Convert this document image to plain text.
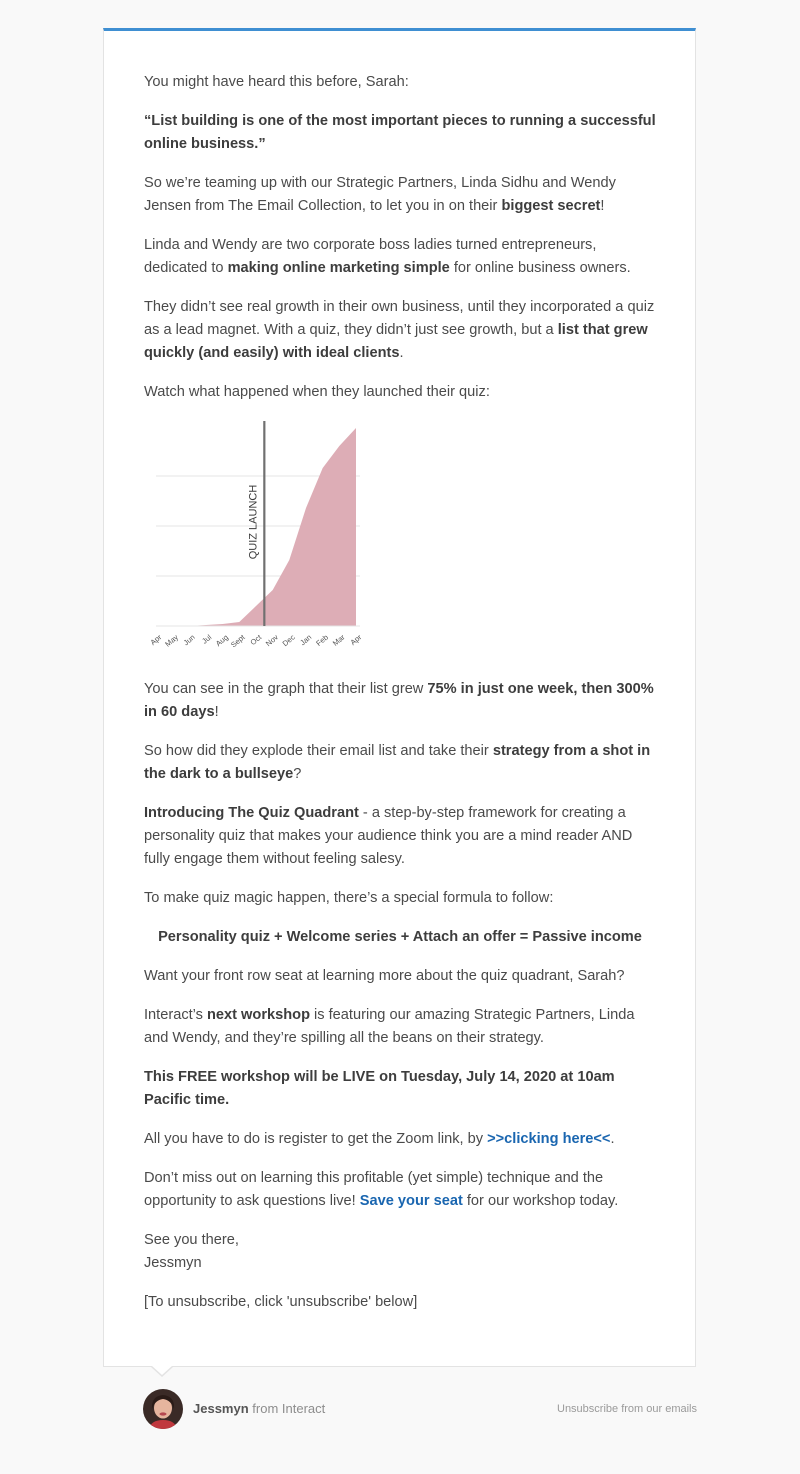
You might have heard this before, Sarah:

“List building is one of the most important pieces to running a successful online business.”

So we’re teaming up with our Strategic Partners, Linda Sidhu and Wendy Jensen from The Email Collection, to let you in on their biggest secret!

Linda and Wendy are two corporate boss ladies turned entrepreneurs, dedicated to making online marketing simple for online business owners.

They didn’t see real growth in their own business, until they incorporated a quiz as a lead magnet. With a quiz, they didn’t just see growth, but a list that grew quickly (and easily) with ideal clients.

Watch what happened when they launched their quiz:

QUIZ LAUNCH
Apr May Jun Jul Aug Sept Oct Nov Dec Jan Feb Mar Apr

You can see in the graph that their list grew 75% in just one week, then 300% in 60 days!

So how did they explode their email list and take their strategy from a shot in the dark to a bullseye?

Introducing The Quiz Quadrant - a step-by-step framework for creating a personality quiz that makes your audience think you are a mind reader AND fully engage them without feeling salesy.

To make quiz magic happen, there’s a special formula to follow:

Personality quiz + Welcome series + Attach an offer = Passive income

Want your front row seat at learning more about the quiz quadrant, Sarah?

Interact’s next workshop is featuring our amazing Strategic Partners, Linda and Wendy, and they’re spilling all the beans on their strategy.

This FREE workshop will be LIVE on Tuesday, July 14, 2020 at 10am Pacific time.

All you have to do is register to get the Zoom link, by >>clicking here<<.

Don’t miss out on learning this profitable (yet simple) technique and the opportunity to ask questions live! Save your seat for our workshop today.

See you there,
Jessmyn

[To unsubscribe, click 'unsubscribe' below]

Jessmyn from Interact	Unsubscribe from our emails
